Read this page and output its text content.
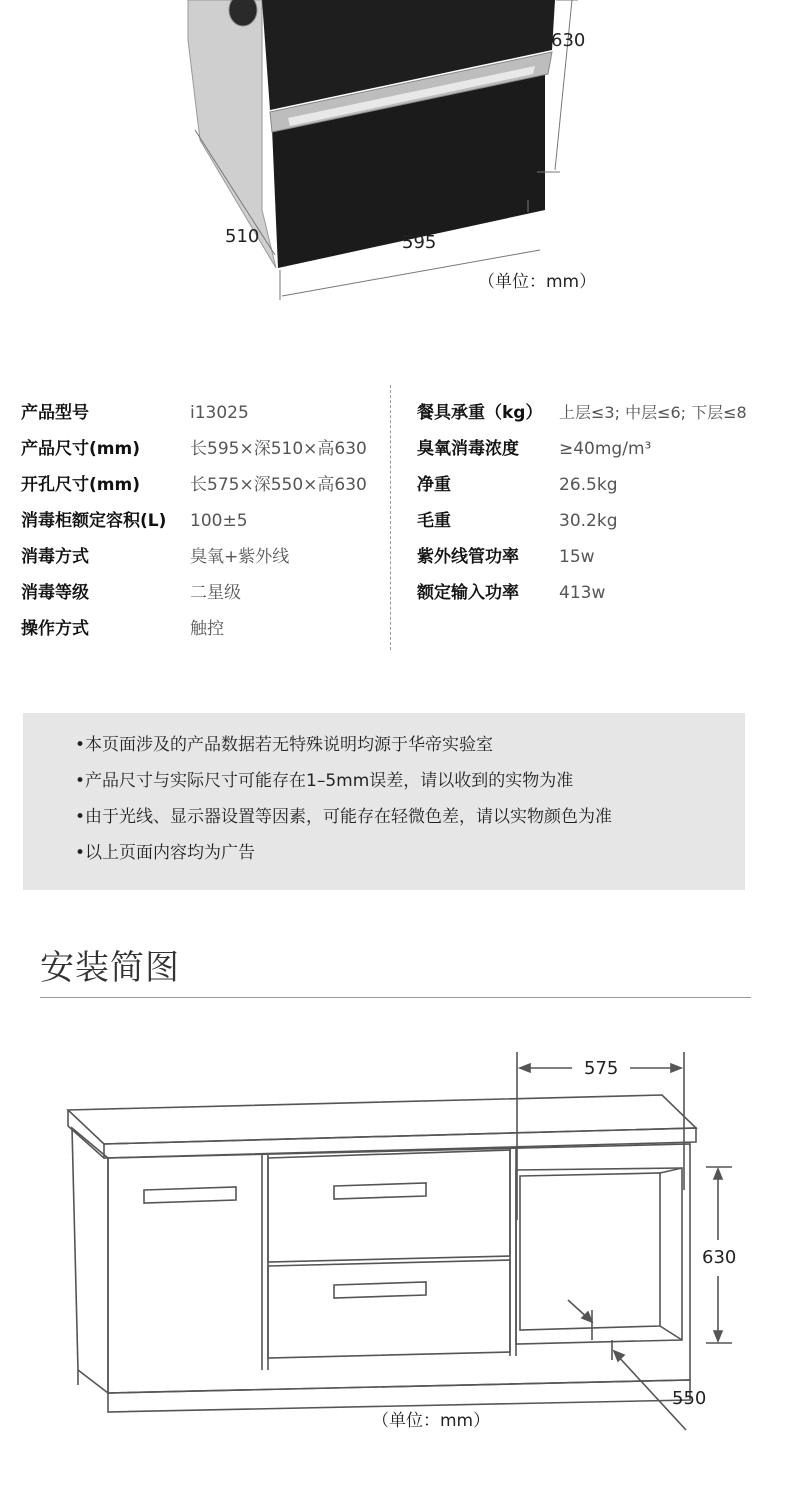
630
510	595
（单位：mm）
产品型号	i13025
产品尺寸(mm)	长595×深510×高630
开孔尺寸(mm)	长575×深550×高630
消毒柜额定容积(L) 100±5
消毒方式	臭氧+紫外线
消毒等级	二星级
操作方式	触控
餐具承重（kg） 上层≤3; 中层≤6; 下层≤8
臭氧消毒浓度 ≥40mg/m³
净重	26.5kg
毛重	30.2kg
紫外线管功率 15w
额定输入功率 413w
•本页面涉及的产品数据若无特殊说明均源于华帝实验室
•产品尺寸与实际尺寸可能存在1–5mm误差，请以收到的实物为准
•由于光线、显示器设置等因素，可能存在轻微色差，请以实物颜色为准
•以上页面内容均为广告
安装简图
575
630
550
（单位：mm）
